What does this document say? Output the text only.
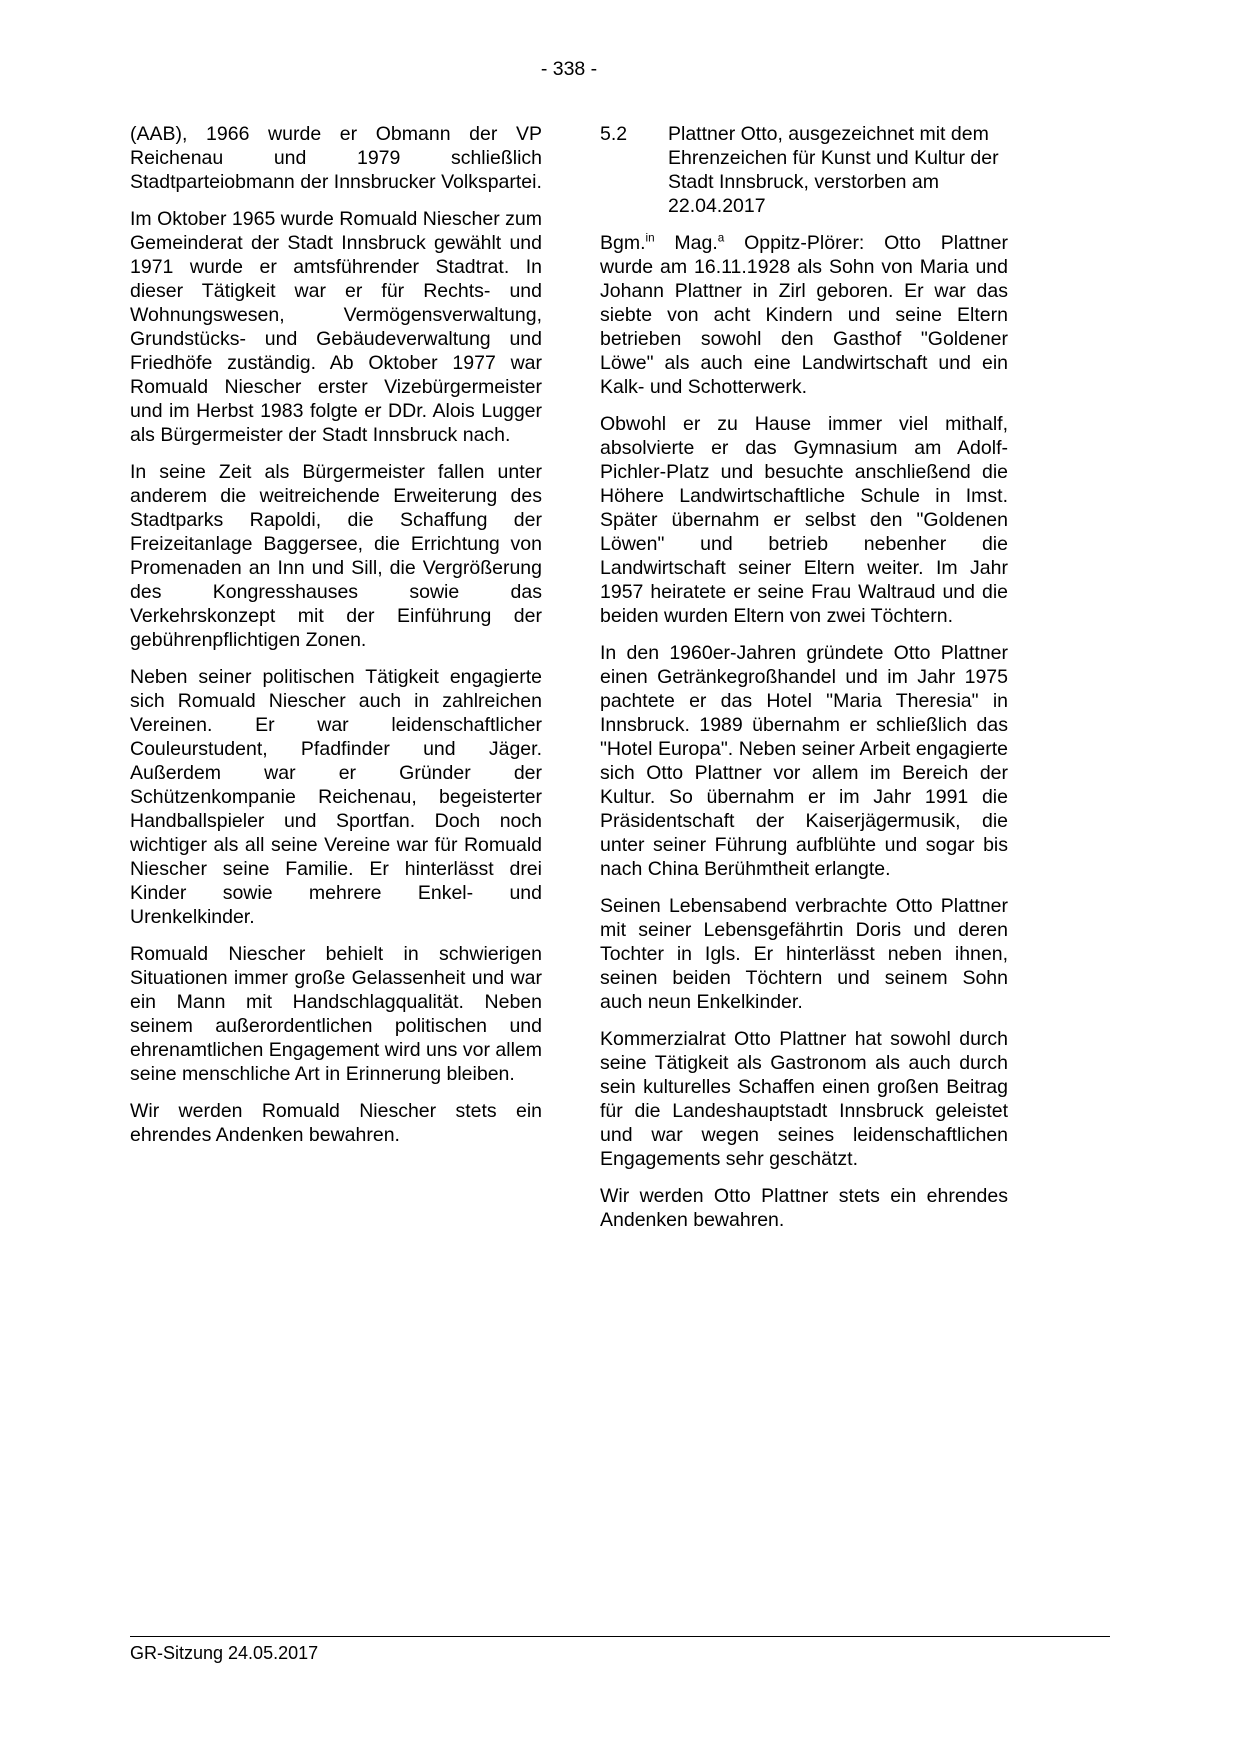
- 338 -

(AAB), 1966 wurde er Obmann der VP Reichenau und 1979 schließlich Stadtparteiobmann der Innsbrucker Volkspartei.

Im Oktober 1965 wurde Romuald Niescher zum Gemeinderat der Stadt Innsbruck gewählt und 1971 wurde er amtsführender Stadtrat. In dieser Tätigkeit war er für Rechts- und Wohnungswesen, Vermögensverwaltung, Grundstücks- und Gebäudeverwaltung und Friedhöfe zuständig. Ab Oktober 1977 war Romuald Niescher erster Vizebürgermeister und im Herbst 1983 folgte er DDr. Alois Lugger als Bürgermeister der Stadt Innsbruck nach.

In seine Zeit als Bürgermeister fallen unter anderem die weitreichende Erweiterung des Stadtparks Rapoldi, die Schaffung der Freizeitanlage Baggersee, die Errichtung von Promenaden an Inn und Sill, die Vergrößerung des Kongresshauses sowie das Verkehrskonzept mit der Einführung der gebührenpflichtigen Zonen.

Neben seiner politischen Tätigkeit engagierte sich Romuald Niescher auch in zahlreichen Vereinen. Er war leidenschaftlicher Couleurstudent, Pfadfinder und Jäger. Außerdem war er Gründer der Schützenkompanie Reichenau, begeisterter Handballspieler und Sportfan. Doch noch wichtiger als all seine Vereine war für Romuald Niescher seine Familie. Er hinterlässt drei Kinder sowie mehrere Enkel- und Urenkelkinder.

Romuald Niescher behielt in schwierigen Situationen immer große Gelassenheit und war ein Mann mit Handschlagqualität. Neben seinem außerordentlichen politischen und ehrenamtlichen Engagement wird uns vor allem seine menschliche Art in Erinnerung bleiben.

Wir werden Romuald Niescher stets ein ehrendes Andenken bewahren.

5.2	Plattner Otto, ausgezeichnet mit dem Ehrenzeichen für Kunst und Kultur der Stadt Innsbruck, verstorben am 22.04.2017

Bgm.$^{in}$ Mag.$^a$ Oppitz-Plörer: Otto Plattner wurde am 16.11.1928 als Sohn von Maria und Johann Plattner in Zirl geboren. Er war das siebte von acht Kindern und seine Eltern betrieben sowohl den Gasthof "Goldener Löwe" als auch eine Landwirtschaft und ein Kalk- und Schotterwerk.

Obwohl er zu Hause immer viel mithalf, absolvierte er das Gymnasium am Adolf-Pichler-Platz und besuchte anschließend die Höhere Landwirtschaftliche Schule in Imst. Später übernahm er selbst den "Goldenen Löwen" und betrieb nebenher die Landwirtschaft seiner Eltern weiter. Im Jahr 1957 heiratete er seine Frau Waltraud und die beiden wurden Eltern von zwei Töchtern.

In den 1960er-Jahren gründete Otto Plattner einen Getränkegroßhandel und im Jahr 1975 pachtete er das Hotel "Maria Theresia" in Innsbruck. 1989 übernahm er schließlich das "Hotel Europa". Neben seiner Arbeit engagierte sich Otto Plattner vor allem im Bereich der Kultur. So übernahm er im Jahr 1991 die Präsidentschaft der Kaiserjägermusik, die unter seiner Führung aufblühte und sogar bis nach China Berühmtheit erlangte.

Seinen Lebensabend verbrachte Otto Plattner mit seiner Lebensgefährtin Doris und deren Tochter in Igls. Er hinterlässt neben ihnen, seinen beiden Töchtern und seinem Sohn auch neun Enkelkinder.

Kommerzialrat Otto Plattner hat sowohl durch seine Tätigkeit als Gastronom als auch durch sein kulturelles Schaffen einen großen Beitrag für die Landeshauptstadt Innsbruck geleistet und war wegen seines leidenschaftlichen Engagements sehr geschätzt.

Wir werden Otto Plattner stets ein ehrendes Andenken bewahren.

GR-Sitzung 24.05.2017
